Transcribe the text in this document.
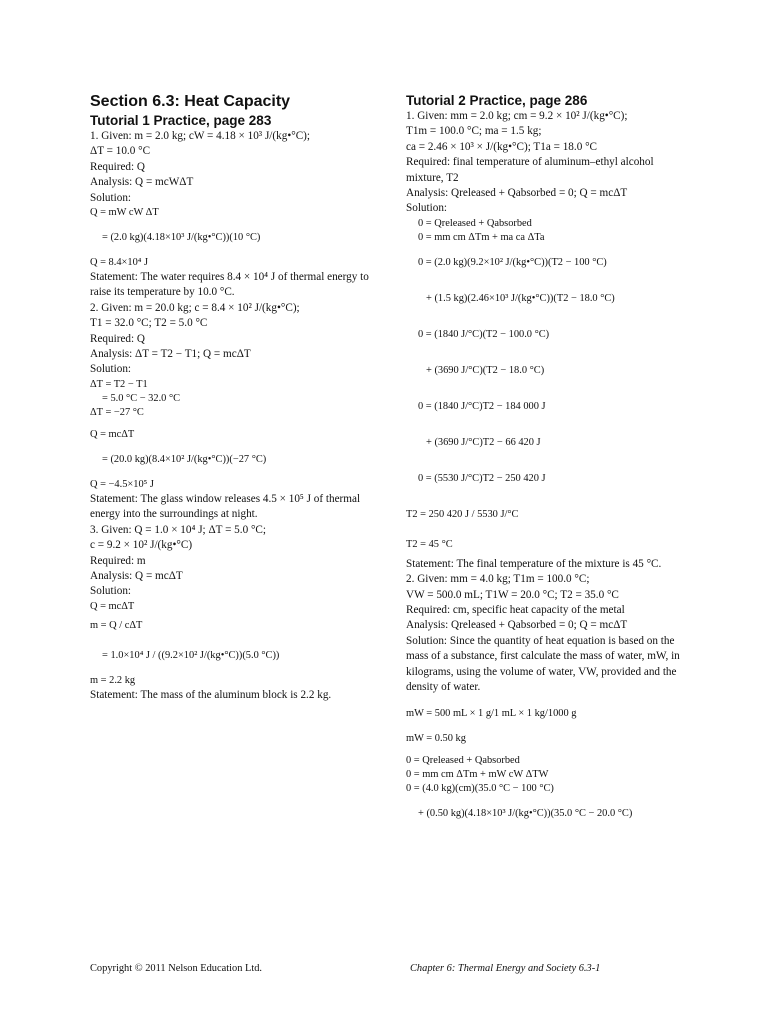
Section 6.3: Heat Capacity
Tutorial 1 Practice, page 283
1. Given: m = 2.0 kg; cW = 4.18 × 10³ J/(kg•°C);
ΔT = 10.0 °C
Required: Q
Analysis: Q = mcWΔT
Solution:
Q = mW cW ΔT
= (2.0 kg)(4.18×10³ J/(kg•°C))(10 °C)
Q = 8.4×10⁴ J
Statement: The water requires 8.4 × 10⁴ J of thermal energy to raise its temperature by 10.0 °C.
2. Given: m = 20.0 kg; c = 8.4 × 10² J/(kg•°C);
T1 = 32.0 °C; T2 = 5.0 °C
Required: Q
Analysis: ΔT = T2 − T1; Q = mcΔT
Solution:
ΔT = T2 − T1
= 5.0 °C − 32.0 °C
ΔT = −27 °C
Q = mcΔT
= (20.0 kg)(8.4×10² J/(kg•°C))(−27 °C)
Q = −4.5×10⁵ J
Statement: The glass window releases 4.5 × 10⁵ J of thermal energy into the surroundings at night.
3. Given: Q = 1.0 × 10⁴ J; ΔT = 5.0 °C;
c = 9.2 × 10² J/(kg•°C)
Required: m
Analysis: Q = mcΔT
Solution:
Q = mcΔT
m = Q / cΔT
= 1.0×10⁴ J / ((9.2×10² J/(kg•°C))(5.0 °C))
m = 2.2 kg
Statement: The mass of the aluminum block is 2.2 kg.
Tutorial 2 Practice, page 286
1. Given: mm = 2.0 kg; cm = 9.2 × 10² J/(kg•°C);
T1m = 100.0 °C; ma = 1.5 kg;
ca = 2.46 × 10³ × J/(kg•°C); T1a = 18.0 °C
Required: final temperature of aluminum–ethyl alcohol mixture, T2
Analysis: Qreleased + Qabsorbed = 0; Q = mcΔT
Solution:
0 = Qreleased + Qabsorbed
0 = mm cm ΔTm + ma ca ΔTa
0 = (2.0 kg)(9.2×10² J/(kg•°C))(T2 − 100 °C)
+ (1.5 kg)(2.46×10³ J/(kg•°C))(T2 − 18.0 °C)
0 = (1840 J/°C)(T2 − 100.0 °C)
+ (3690 J/°C)(T2 − 18.0 °C)
0 = (1840 J/°C)T2 − 184 000 J
+ (3690 J/°C)T2 − 66 420 J
0 = (5530 J/°C)T2 − 250 420 J
T2 = 250 420 J / 5530 J/°C
T2 = 45 °C
Statement: The final temperature of the mixture is 45 °C.
2. Given: mm = 4.0 kg; T1m = 100.0 °C;
VW = 500.0 mL; T1W = 20.0 °C; T2 = 35.0 °C
Required: cm, specific heat capacity of the metal
Analysis: Qreleased + Qabsorbed = 0; Q = mcΔT
Solution: Since the quantity of heat equation is based on the mass of a substance, first calculate the mass of water, mW, in kilograms, using the volume of water, VW, provided and the density of water.
mW = 500 mL × 1 g/1 mL × 1 kg/1000 g
mW = 0.50 kg
0 = Qreleased + Qabsorbed
0 = mm cm ΔTm + mW cW ΔTW
0 = (4.0 kg)(cm)(35.0 °C − 100 °C)
+ (0.50 kg)(4.18×10³ J/(kg•°C))(35.0 °C − 20.0 °C)
Copyright © 2011 Nelson Education Ltd.	Chapter 6: Thermal Energy and Society 6.3-1
